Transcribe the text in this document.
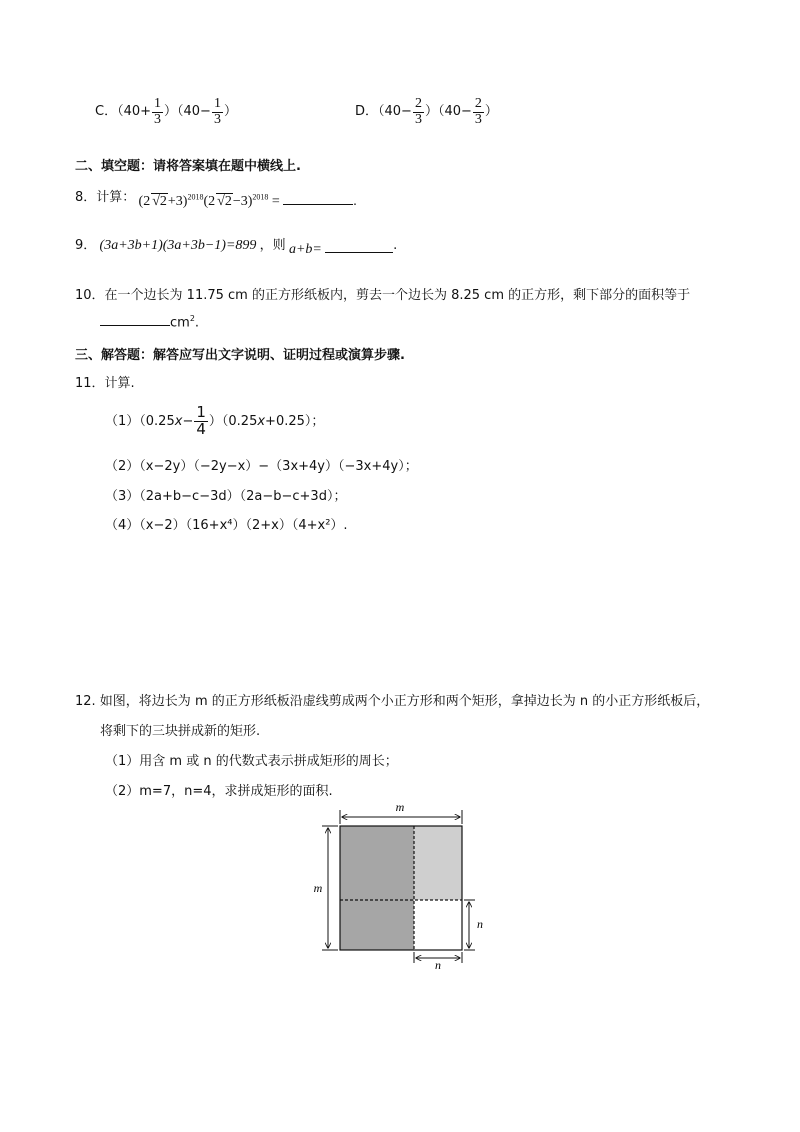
C．$(40+ \frac{1}{3} )(40- \frac{1}{3}$ ）	D．$(40- \frac{2}{3} )(40- \frac{2}{3}$ ）
二、填空题：请将答案填在题中横线上.
8．计算： (2 √2+3)$^{2018}$(2 √2−3)$^{2018}$ =	.
9． (3a+3b+1)(3a+3b−1)=899 ，则 a+b=	.
10．在一个边长为 11.75 cm 的正方形纸板内，剪去一个边长为 8.25 cm 的正方形，剩下部分的面积等于
$cm^2$.
三、解答题：解答应写出文字说明、证明过程或演算步骤.
11．计算.
$(1)(0.25x- \frac{1}{4} )(0.25x+0.25)$；
（2）（x−2y）（−2y−x）−（3x+4y）（−3x+4y）；
（3）（2a+b−c−3d）（2a−b−c+3d）；
（4）（x−2）（16+x⁴）（2+x）（4+x²）.
12. 如图，将边长为 m 的正方形纸板沿虚线剪成两个小正方形和两个矩形，拿掉边长为 n 的小正方形纸板后，
将剩下的三块拼成新的矩形.
（1）用含 m 或 n 的代数式表示拼成矩形的周长；
（2）m=7，n=4，求拼成矩形的面积.
m
m
n
n
